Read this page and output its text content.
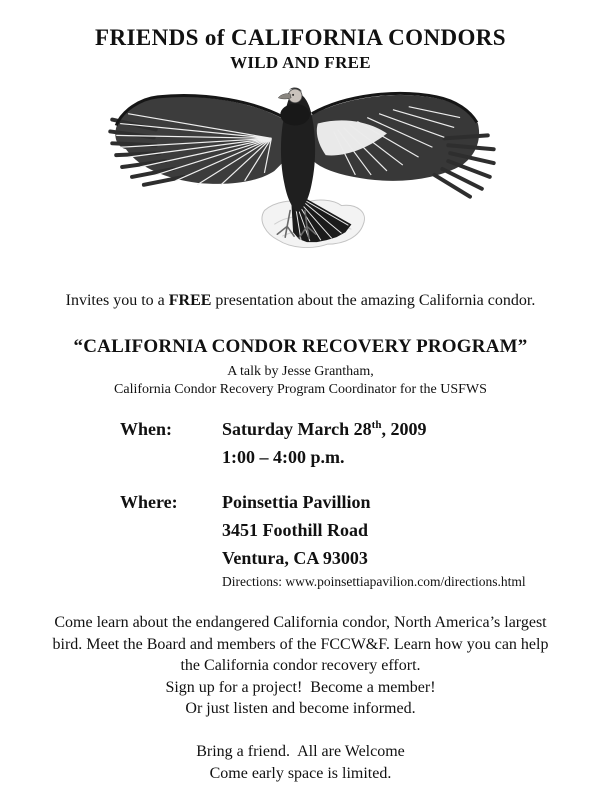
FRIENDS of CALIFORNIA CONDORS
WILD AND FREE
Invites you to a FREE presentation about the amazing California condor.
“CALIFORNIA CONDOR RECOVERY PROGRAM”
A talk by Jesse Grantham,
California Condor Recovery Program Coordinator for the USFWS
When:	Saturday March 28th, 2009
1:00 – 4:00 p.m.
Where:	Poinsettia Pavillion
3451 Foothill Road
Ventura, CA 93003
Directions: www.poinsettiapavilion.com/directions.html
Come learn about the endangered California condor, North America’s largest
bird. Meet the Board and members of the FCCW&F. Learn how you can help
the California condor recovery effort.
Sign up for a project!  Become a member!
Or just listen and become informed.
Bring a friend.  All are Welcome
Come early space is limited.
